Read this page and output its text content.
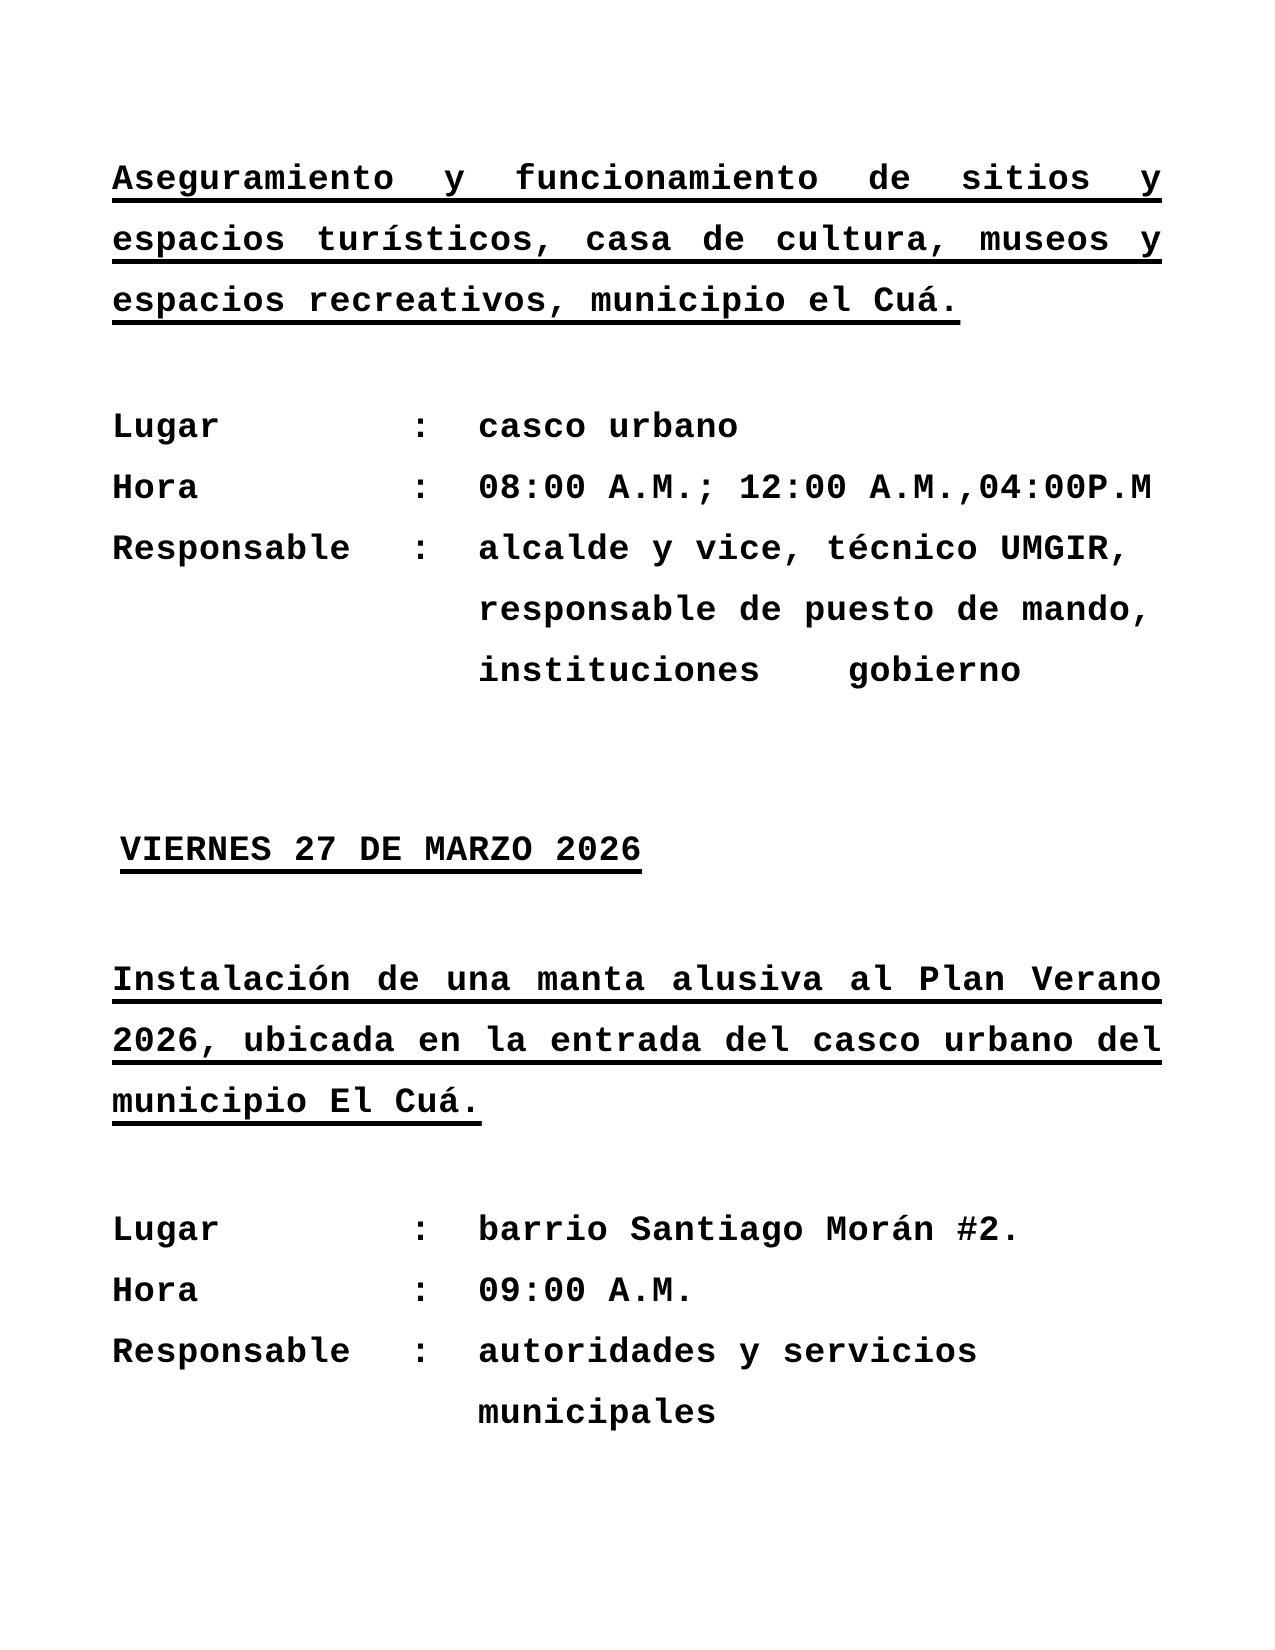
Aseguramiento y funcionamiento de sitios y espacios turísticos, casa de cultura, museos y espacios recreativos, municipio el Cuá.
Lugar	:	casco urbano
Hora	:	08:00 A.M.; 12:00 A.M.,04:00P.M
Responsable	:	alcalde y vice, técnico UMGIR, responsable de puesto de mando, instituciones    gobierno
VIERNES 27 DE MARZO 2026
Instalación de una manta alusiva al Plan Verano 2026, ubicada en la entrada del casco urbano del municipio El Cuá.
Lugar	:	barrio Santiago Morán #2.
Hora	:	09:00 A.M.
Responsable	:	autoridades y servicios municipales
